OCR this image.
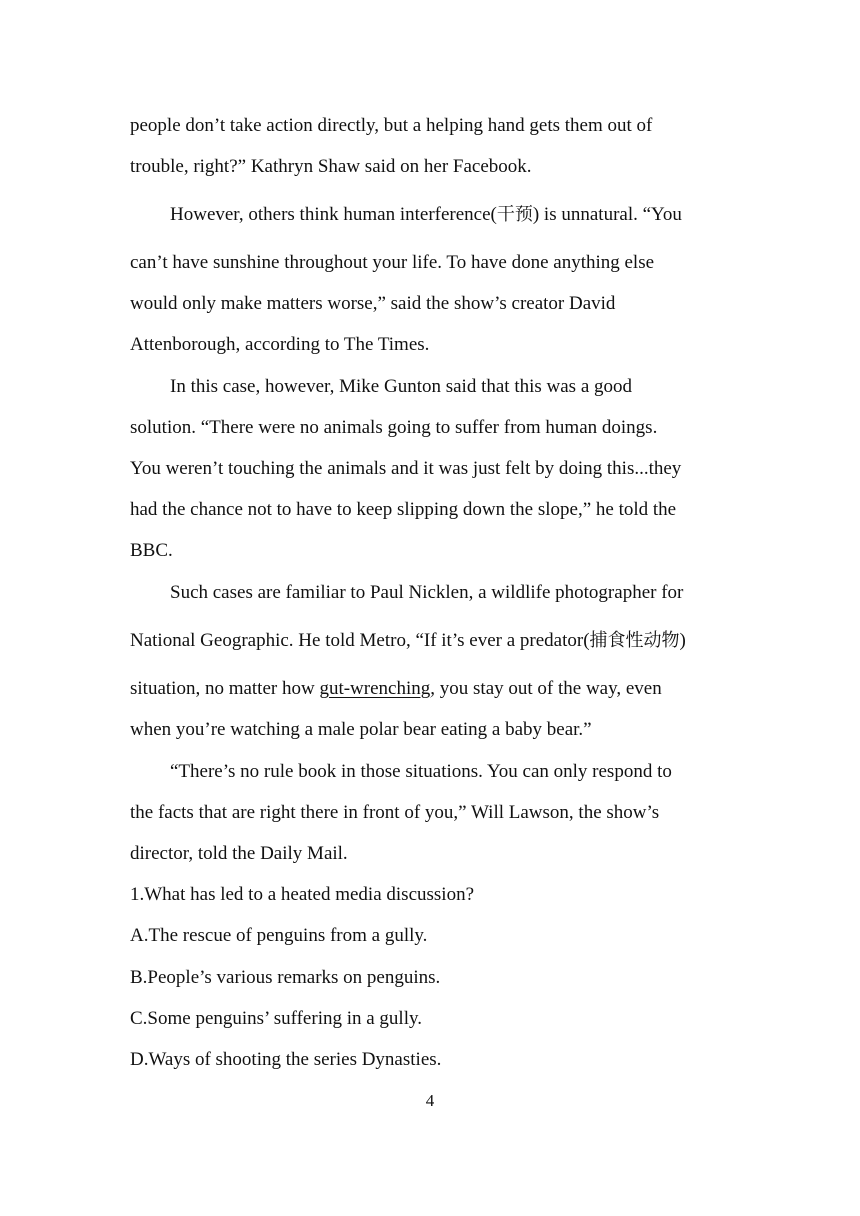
people don’t take action directly, but a helping hand gets them out of
trouble, right?” Kathryn Shaw said on her Facebook.
However, others think human interference(干预) is unnatural. “You
can’t have sunshine throughout your life. To have done anything else
would only make matters worse,” said the show’s creator David
Attenborough, according to The Times.
In this case, however, Mike Gunton said that this was a good
solution. “There were no animals going to suffer from human doings.
You weren’t touching the animals and it was just felt by doing this...they
had the chance not to have to keep slipping down the slope,” he told the
BBC.
Such cases are familiar to Paul Nicklen, a wildlife photographer for
National Geographic. He told Metro, “If it’s ever a predator(捕食性动物)
situation, no matter how gut-wrenching, you stay out of the way, even
when you’re watching a male polar bear eating a baby bear.”
“There’s no rule book in those situations. You can only respond to
the facts that are right there in front of you,” Will Lawson, the show’s
director, told the Daily Mail.
1.What has led to a heated media discussion?
A.The rescue of penguins from a gully.
B.People’s various remarks on penguins.
C.Some penguins’ suffering in a gully.
D.Ways of shooting the series Dynasties.
4
